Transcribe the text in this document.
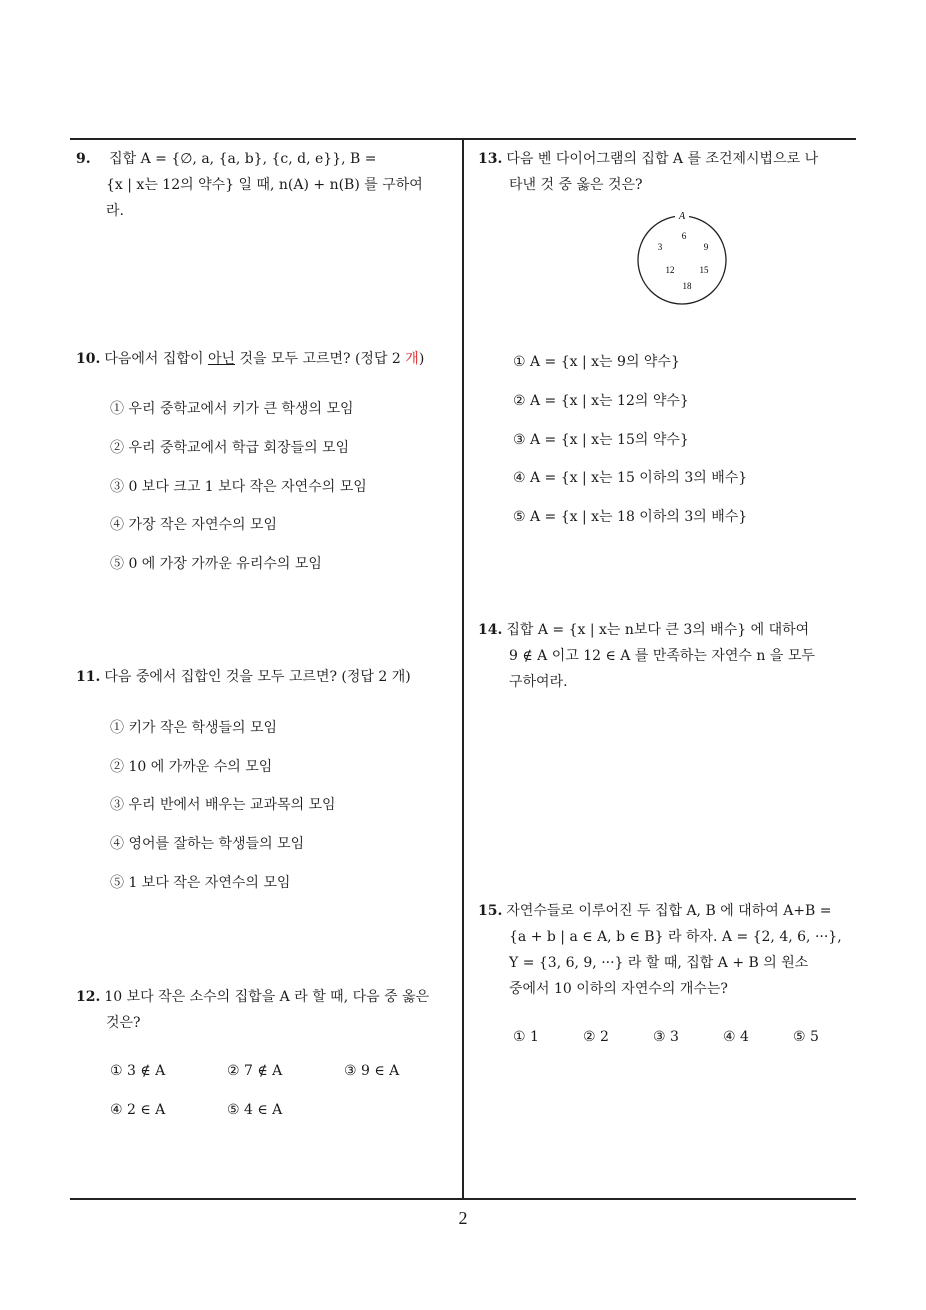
9. 집합 A = {∅, a, {a, b}, {c, d, e}}, B =
{x | x는 12의 약수} 일 때, n(A) + n(B) 를 구하여
라.
10. 다음에서 집합이 아닌 것을 모두 고르면? (정답 2 개)
① 우리 중학교에서 키가 큰 학생의 모임
② 우리 중학교에서 학급 회장들의 모임
③ 0 보다 크고 1 보다 작은 자연수의 모임
④ 가장 작은 자연수의 모임
⑤ 0 에 가장 가까운 유리수의 모임
11. 다음 중에서 집합인 것을 모두 고르면? (정답 2 개)
① 키가 작은 학생들의 모임
② 10 에 가까운 수의 모임
③ 우리 반에서 배우는 교과목의 모임
④ 영어를 잘하는 학생들의 모임
⑤ 1 보다 작은 자연수의 모임
12. 10 보다 작은 소수의 집합을 A 라 할 때, 다음 중 옳은
것은?
① 3 ∉ A	② 7 ∉ A	③ 9 ∈ A
④ 2 ∈ A	⑤ 4 ∈ A
13. 다음 벤 다이어그램의 집합 A 를 조건제시법으로 나
타낸 것 중 옳은 것은?
A
6
3	9
12	15
18
① A = {x | x는 9의 약수}
② A = {x | x는 12의 약수}
③ A = {x | x는 15의 약수}
④ A = {x | x는 15 이하의 3의 배수}
⑤ A = {x | x는 18 이하의 3의 배수}
14. 집합 A = {x | x는 n보다 큰 3의 배수} 에 대하여
9 ∉ A 이고 12 ∈ A 를 만족하는 자연수 n 을 모두
구하여라.
15. 자연수들로 이루어진 두 집합 A, B 에 대하여 A+B =
{a + b | a ∈ A, b ∈ B} 라 하자. A = {2, 4, 6, ···},
Y = {3, 6, 9, ···} 라 할 때, 집합 A + B 의 원소
중에서 10 이하의 자연수의 개수는?
① 1	② 2	③ 3	④ 4	⑤ 5
2
